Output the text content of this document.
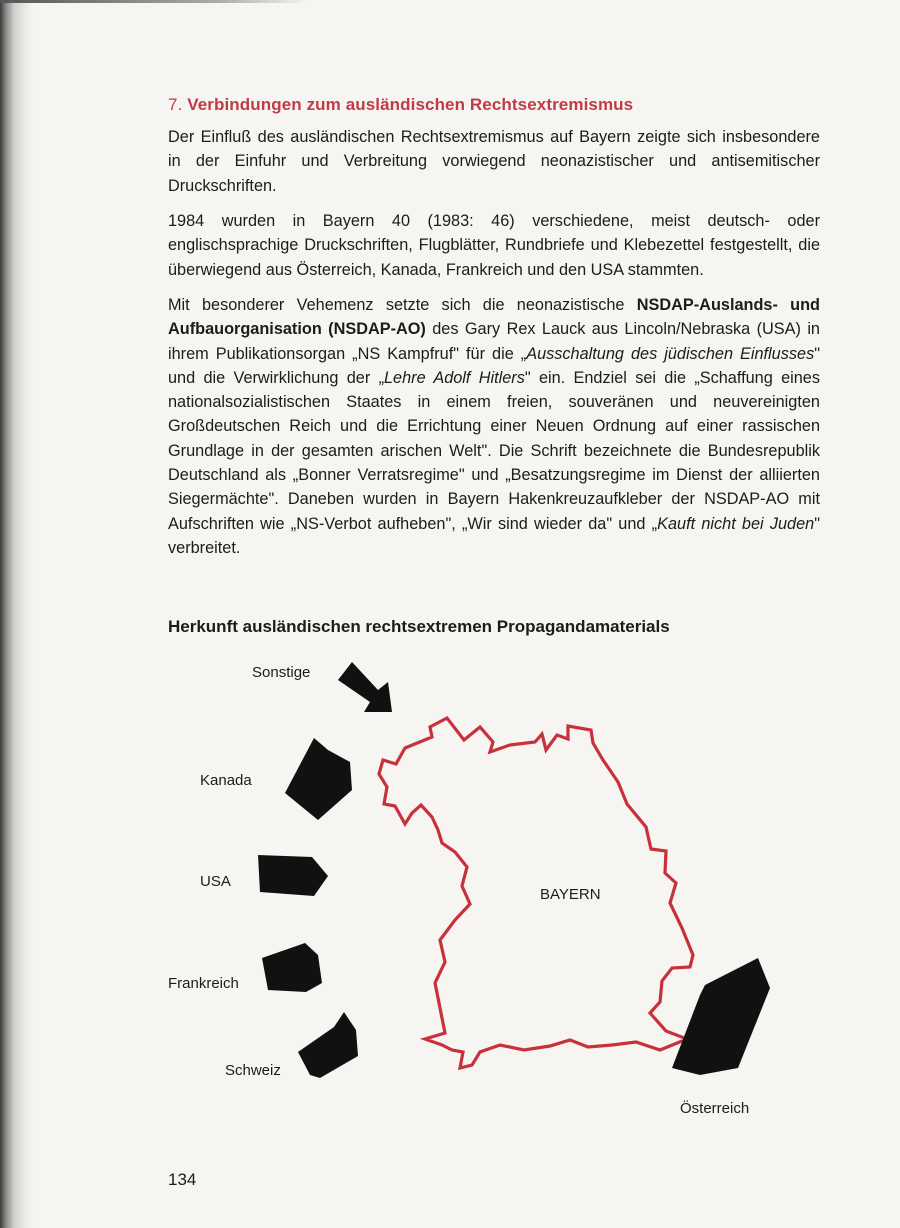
7. Verbindungen zum ausländischen Rechtsextremismus

Der Einfluß des ausländischen Rechtsextremismus auf Bayern zeigte sich insbesondere in der Einfuhr und Verbreitung vorwiegend neonazistischer und antisemitischer Druckschriften.

1984 wurden in Bayern 40 (1983: 46) verschiedene, meist deutsch- oder englischsprachige Druckschriften, Flugblätter, Rundbriefe und Klebezettel festgestellt, die überwiegend aus Österreich, Kanada, Frankreich und den USA stammten.

Mit besonderer Vehemenz setzte sich die neonazistische NSDAP-Auslands- und Aufbauorganisation (NSDAP-AO) des Gary Rex Lauck aus Lincoln/Nebraska (USA) in ihrem Publikationsorgan „NS Kampfruf" für die „Ausschaltung des jüdischen Einflusses" und die Verwirklichung der „Lehre Adolf Hitlers" ein. Endziel sei die „Schaffung eines nationalsozialistischen Staates in einem freien, souveränen und neuvereinigten Großdeutschen Reich und die Errichtung einer Neuen Ordnung auf einer rassischen Grundlage in der gesamten arischen Welt". Die Schrift bezeichnete die Bundesrepublik Deutschland als „Bonner Verratsregime" und „Besatzungsregime im Dienst der alliierten Siegermächte". Daneben wurden in Bayern Hakenkreuzaufkleber der NSDAP-AO mit Aufschriften wie „NS-Verbot aufheben", „Wir sind wieder da" und „Kauft nicht bei Juden" verbreitet.

Herkunft ausländischen rechtsextremen Propagandamaterials

Sonstige
Kanada
USA
Frankreich
Schweiz
BAYERN
Österreich
134
